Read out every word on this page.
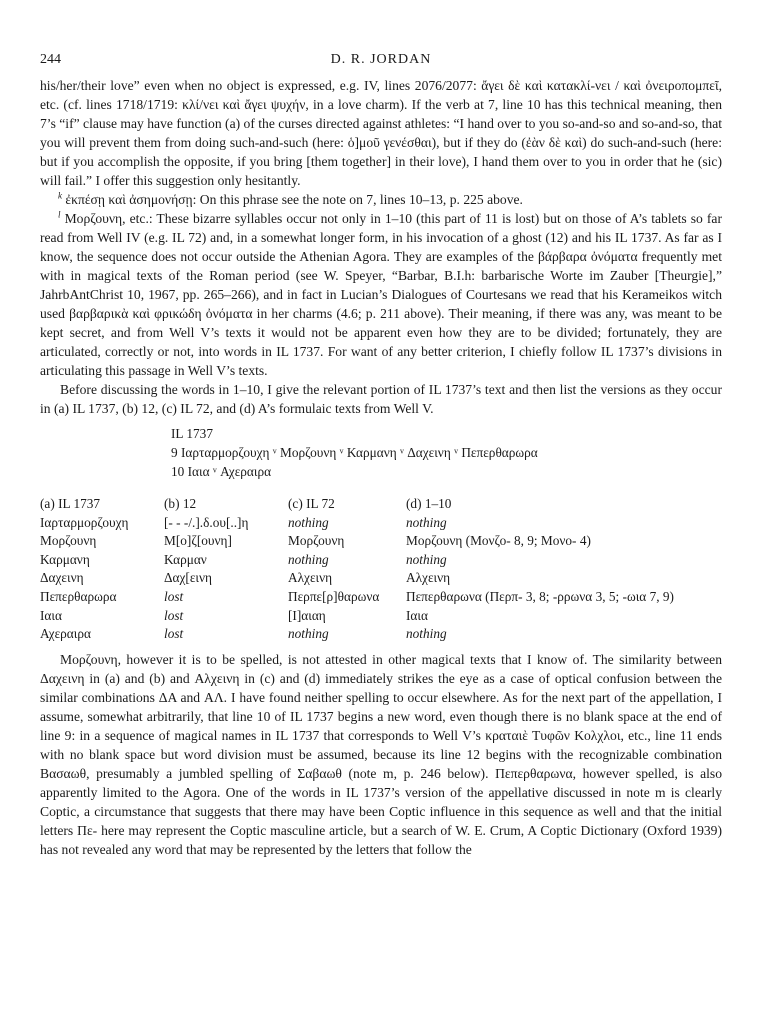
244	D. R. JORDAN

his/her/their love” even when no object is expressed, e.g. IV, lines 2076/2077: ἄγει δὲ καὶ κατακλί-νει / καὶ ὀνειροπομπεῖ, etc. (cf. lines 1718/1719: κλί/νει καὶ ἄγει ψυχήν, in a love charm). If the verb at 7, line 10 has this technical meaning, then 7’s “if” clause may have function (a) of the curses directed against athletes: “I hand over to you so-and-so and so-and-so, that you will prevent them from doing such-and-such (here: ὁ]μοῦ γενέσθαι), but if they do (ἐὰν δὲ καὶ) do such-and-such (here: but if you accomplish the opposite, if you bring [them together] in their love), I hand them over to you in order that he (sic) will fail.” I offer this suggestion only hesitantly.

$^k$ ἐκπέσῃ καὶ ἀσημονήσῃ: On this phrase see the note on 7, lines 10–13, p. 225 above.

$^l$ Μορζουνη, etc.: These bizarre syllables occur not only in 1–10 (this part of 11 is lost) but on those of A’s tablets so far read from Well IV (e.g. IL 72) and, in a somewhat longer form, in his invocation of a ghost (12) and his IL 1737. As far as I know, the sequence does not occur outside the Athenian Agora. They are examples of the βάρβαρα ὀνόματα frequently met with in magical texts of the Roman period (see W. Speyer, “Barbar, B.I.h: barbarische Worte im Zauber [Theurgie],” JahrbAntChrist 10, 1967, pp. 265–266), and in fact in Lucian’s Dialogues of Courtesans we read that his Kerameikos witch used βαρβαρικὰ καὶ φρικώδη ὀνόματα in her charms (4.6; p. 211 above). Their meaning, if there was any, was meant to be kept secret, and from Well V’s texts it would not be apparent even how they are to be divided; fortunately, they are articulated, correctly or not, into words in IL 1737. For want of any better criterion, I chiefly follow IL 1737’s divisions in articulating this passage in Well V’s texts.

Before discussing the words in 1–10, I give the relevant portion of IL 1737’s text and then list the versions as they occur in (a) IL 1737, (b) 12, (c) IL 72, and (d) A’s formulaic texts from Well V.

IL 1737
9 Ιαρταρμορζουχη ᵛ Μορζουνη ᵛ Καρμανη ᵛ Δαχεινη ᵛ Πεπερθαρωρα
10 Ιαια ᵛ Αχεραιρα
(a) IL 1737	(b) 12	(c) IL 72	(d) 1–10
Ιαρταρμορζουχη	[- - -/.].δ.ου[..]η	nothing	nothing
Μορζουνη	Μ[ο]ζ[ουνη]	Μορζουνη	Μορζουνη (Μονζο- 8, 9; Μονο- 4)
Καρμανη	Καρμαν	nothing	nothing
Δαχεινη	Δαχ[εινη	Αλχεινη	Αλχεινη
Πεπερθαρωρα	lost	Περπε[ρ]θαρωνα	Πεπερθαρωνα (Περπ- 3, 8; -ρρωνα 3, 5; -ωια 7, 9)
Ιαια	lost	[Ι]αιαη	Ιαια
Αχεραιρα	lost	nothing	nothing

Μορζουνη, however it is to be spelled, is not attested in other magical texts that I know of. The similarity between Δαχεινη in (a) and (b) and Αλχεινη in (c) and (d) immediately strikes the eye as a case of optical confusion between the similar combinations ΔΑ and ΑΛ. I have found neither spelling to occur elsewhere. As for the next part of the appellation, I assume, somewhat arbitrarily, that line 10 of IL 1737 begins a new word, even though there is no blank space at the end of line 9: in a sequence of magical names in IL 1737 that corresponds to Well V’s κραταιὲ Τυφῶν Κολχλοι, etc., line 11 ends with no blank space but word division must be assumed, because its line 12 begins with the recognizable combination Βασαωθ, presumably a jumbled spelling of Σαβαωθ (note m, p. 246 below). Πεπερθαρωνα, however spelled, is also apparently limited to the Agora. One of the words in IL 1737’s version of the appellative discussed in note m is clearly Coptic, a circumstance that suggests that there may have been Coptic influence in this sequence as well and that the initial letters Πε- here may represent the Coptic masculine article, but a search of W. E. Crum, A Coptic Dictionary (Oxford 1939) has not revealed any word that may be represented by the letters that follow the
